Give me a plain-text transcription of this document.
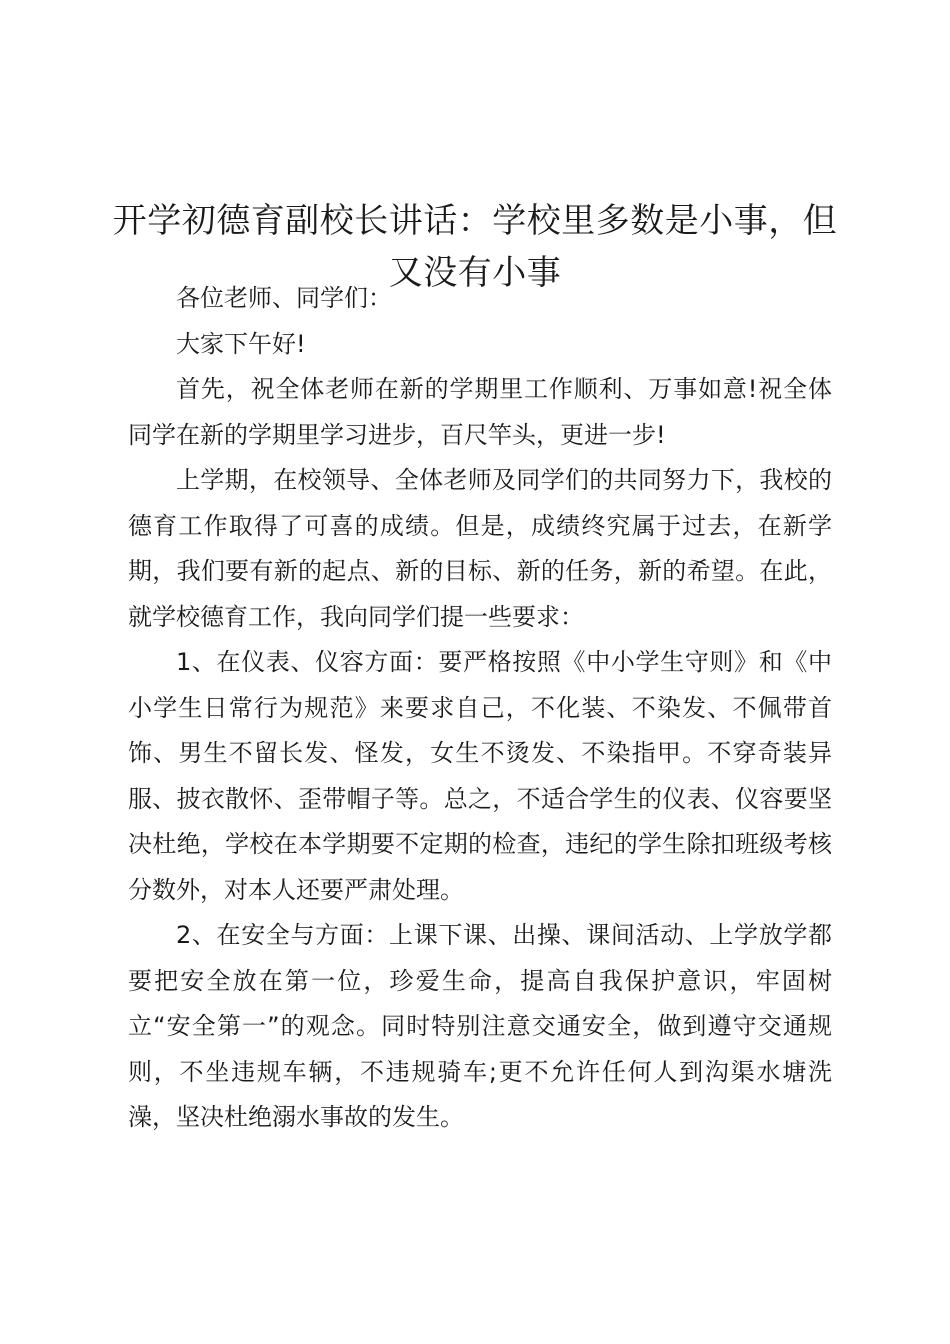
开学初德育副校长讲话：学校里多数是小事，但又没有小事

各位老师、同学们：

大家下午好!

首先，祝全体老师在新的学期里工作顺利、万事如意!祝全体同学在新的学期里学习进步，百尺竿头，更进一步!

上学期，在校领导、全体老师及同学们的共同努力下，我校的德育工作取得了可喜的成绩。但是，成绩终究属于过去，在新学期，我们要有新的起点、新的目标、新的任务，新的希望。在此，就学校德育工作，我向同学们提一些要求：

1、在仪表、仪容方面：要严格按照《中小学生守则》和《中小学生日常行为规范》来要求自己，不化装、不染发、不佩带首饰、男生不留长发、怪发，女生不烫发、不染指甲。不穿奇装异服、披衣散怀、歪带帽子等。总之，不适合学生的仪表、仪容要坚决杜绝，学校在本学期要不定期的检查，违纪的学生除扣班级考核分数外，对本人还要严肃处理。

2、在安全与方面：上课下课、出操、课间活动、上学放学都要把安全放在第一位，珍爱生命，提高自我保护意识，牢固树立“安全第一”的观念。同时特别注意交通安全，做到遵守交通规则，不坐违规车辆，不违规骑车;更不允许任何人到沟渠水塘洗澡，坚决杜绝溺水事故的发生。
